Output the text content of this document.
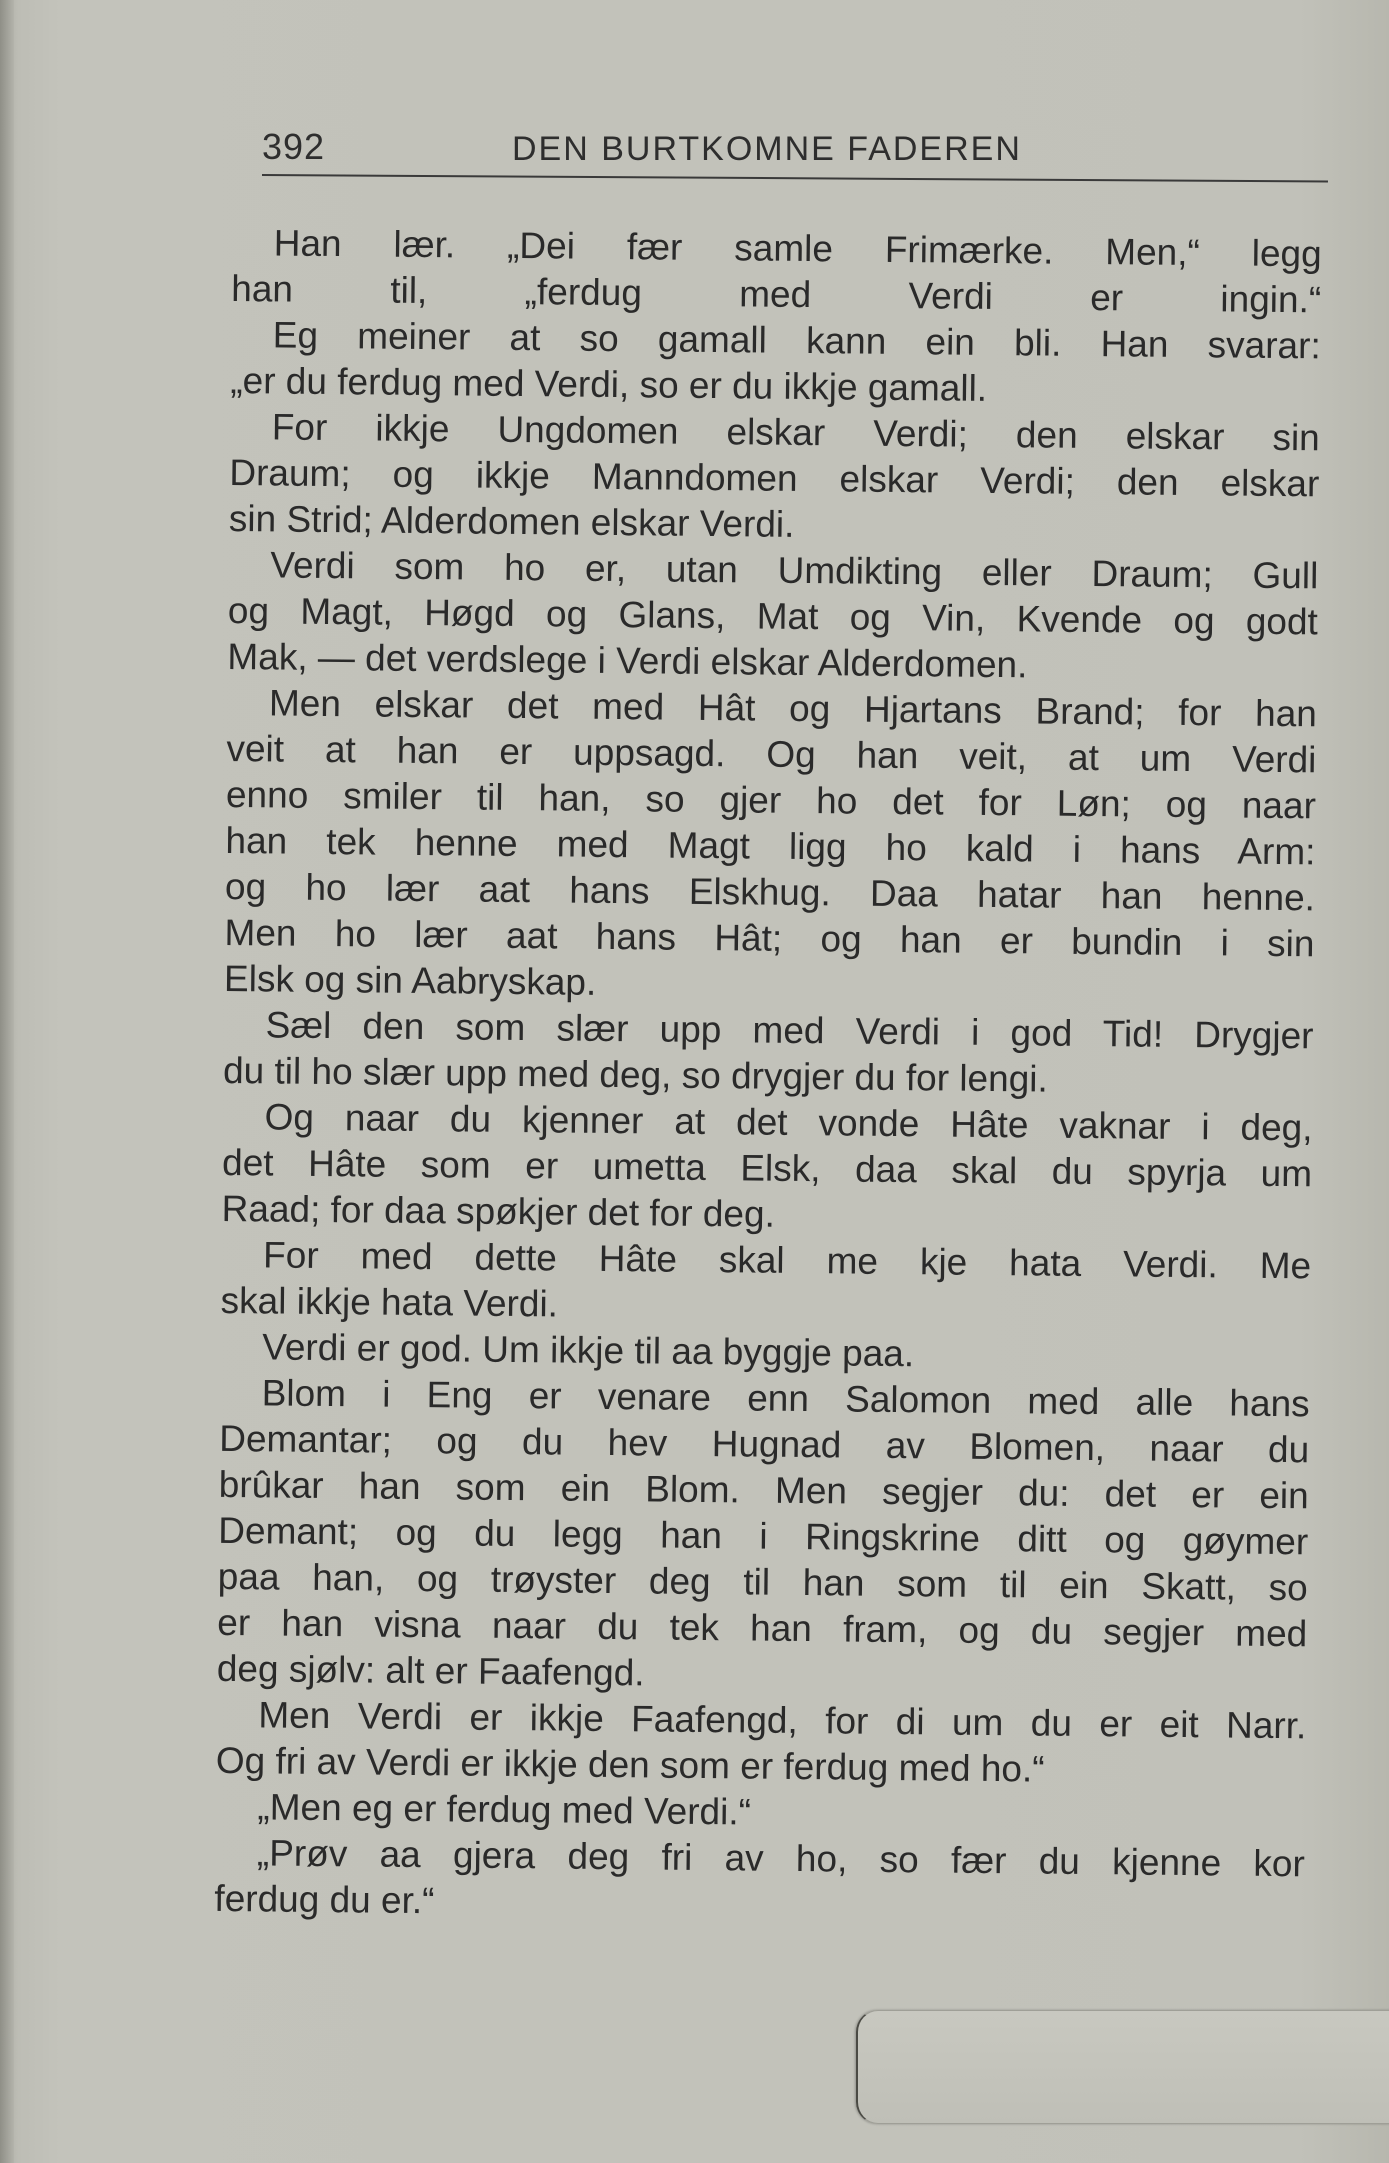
392	DEN BURTKOMNE FADEREN
Han lær. „Dei fær samle Frimærke. Men,“ legg
han til, „ferdug med Verdi er ingin.“
Eg meiner at so gamall kann ein bli. Han svarar:
„er du ferdug med Verdi, so er du ikkje gamall.
For ikkje Ungdomen elskar Verdi; den elskar sin
Draum; og ikkje Manndomen elskar Verdi; den elskar
sin Strid; Alderdomen elskar Verdi.
Verdi som ho er, utan Umdikting eller Draum; Gull
og Magt, Høgd og Glans, Mat og Vin, Kvende og godt
Mak, — det verdslege i Verdi elskar Alderdomen.
Men elskar det med Hât og Hjartans Brand; for han
veit at han er uppsagd. Og han veit, at um Verdi
enno smiler til han, so gjer ho det for Løn; og naar
han tek henne med Magt ligg ho kald i hans Arm:
og ho lær aat hans Elskhug. Daa hatar han henne.
Men ho lær aat hans Hât; og han er bundin i sin
Elsk og sin Aabryskap.
Sæl den som slær upp med Verdi i god Tid! Drygjer
du til ho slær upp med deg, so drygjer du for lengi.
Og naar du kjenner at det vonde Hâte vaknar i deg,
det Hâte som er umetta Elsk, daa skal du spyrja um
Raad; for daa spøkjer det for deg.
For med dette Hâte skal me kje hata Verdi. Me
skal ikkje hata Verdi.
Verdi er god. Um ikkje til aa byggje paa.
Blom i Eng er venare enn Salomon med alle hans
Demantar; og du hev Hugnad av Blomen, naar du
brûkar han som ein Blom. Men segjer du: det er ein
Demant; og du legg han i Ringskrine ditt og gøymer
paa han, og trøyster deg til han som til ein Skatt, so
er han visna naar du tek han fram, og du segjer med
deg sjølv: alt er Faafengd.
Men Verdi er ikkje Faafengd, for di um du er eit Narr.
Og fri av Verdi er ikkje den som er ferdug med ho.“
„Men eg er ferdug med Verdi.“
„Prøv aa gjera deg fri av ho, so fær du kjenne kor
ferdug du er.“
